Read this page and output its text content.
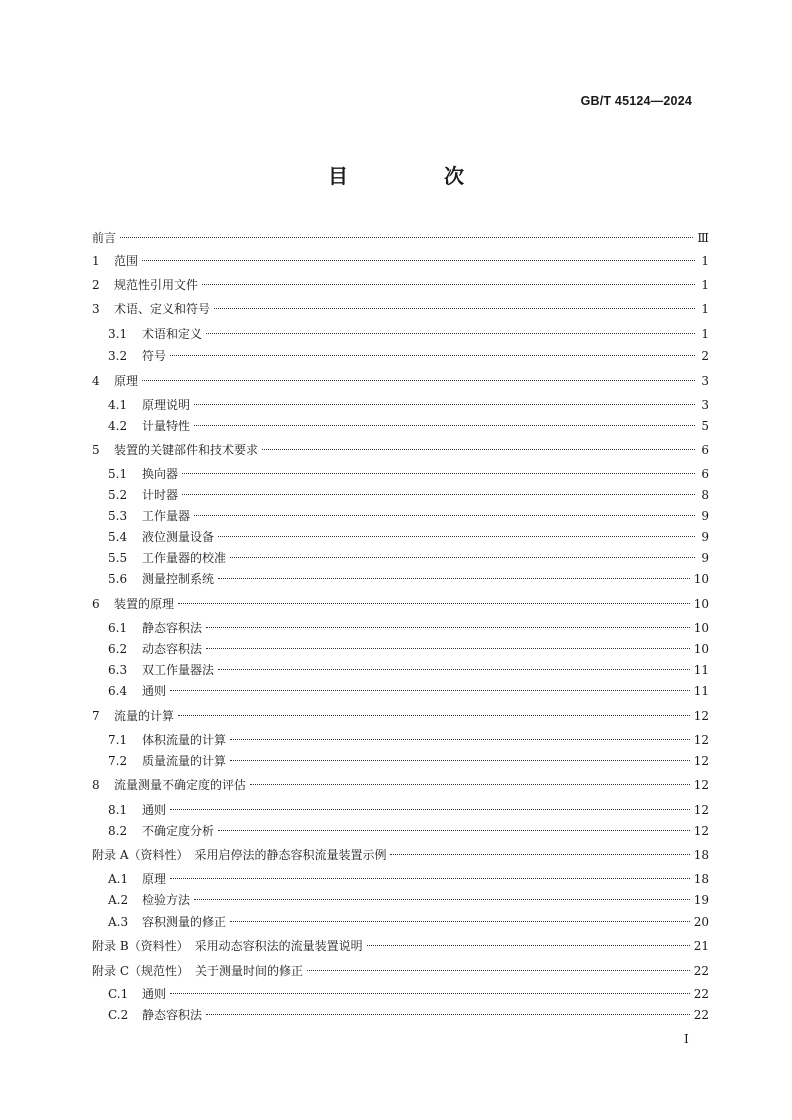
GB/T 45124—2024
目　次
前言	Ⅲ
1	范围	1
2	规范性引用文件	1
3	术语、定义和符号	1
3.1	术语和定义	1
3.2	符号	2
4	原理	3
4.1	原理说明	3
4.2	计量特性	5
5	装置的关键部件和技术要求	6
5.1	换向器	6
5.2	计时器	8
5.3	工作量器	9
5.4	液位测量设备	9
5.5	工作量器的校准	9
5.6	测量控制系统	10
6	装置的原理	10
6.1	静态容积法	10
6.2	动态容积法	10
6.3	双工作量器法	11
6.4	通则	11
7	流量的计算	12
7.1	体积流量的计算	12
7.2	质量流量的计算	12
8	流量测量不确定度的评估	12
8.1	通则	12
8.2	不确定度分析	12
附录 A（资料性）　采用启停法的静态容积流量装置示例	18
A.1	原理	18
A.2	检验方法	19
A.3	容积测量的修正	20
附录 B（资料性）　采用动态容积法的流量装置说明	21
附录 C（规范性）　关于测量时间的修正	22
C.1	通则	22
C.2	静态容积法	22
I
